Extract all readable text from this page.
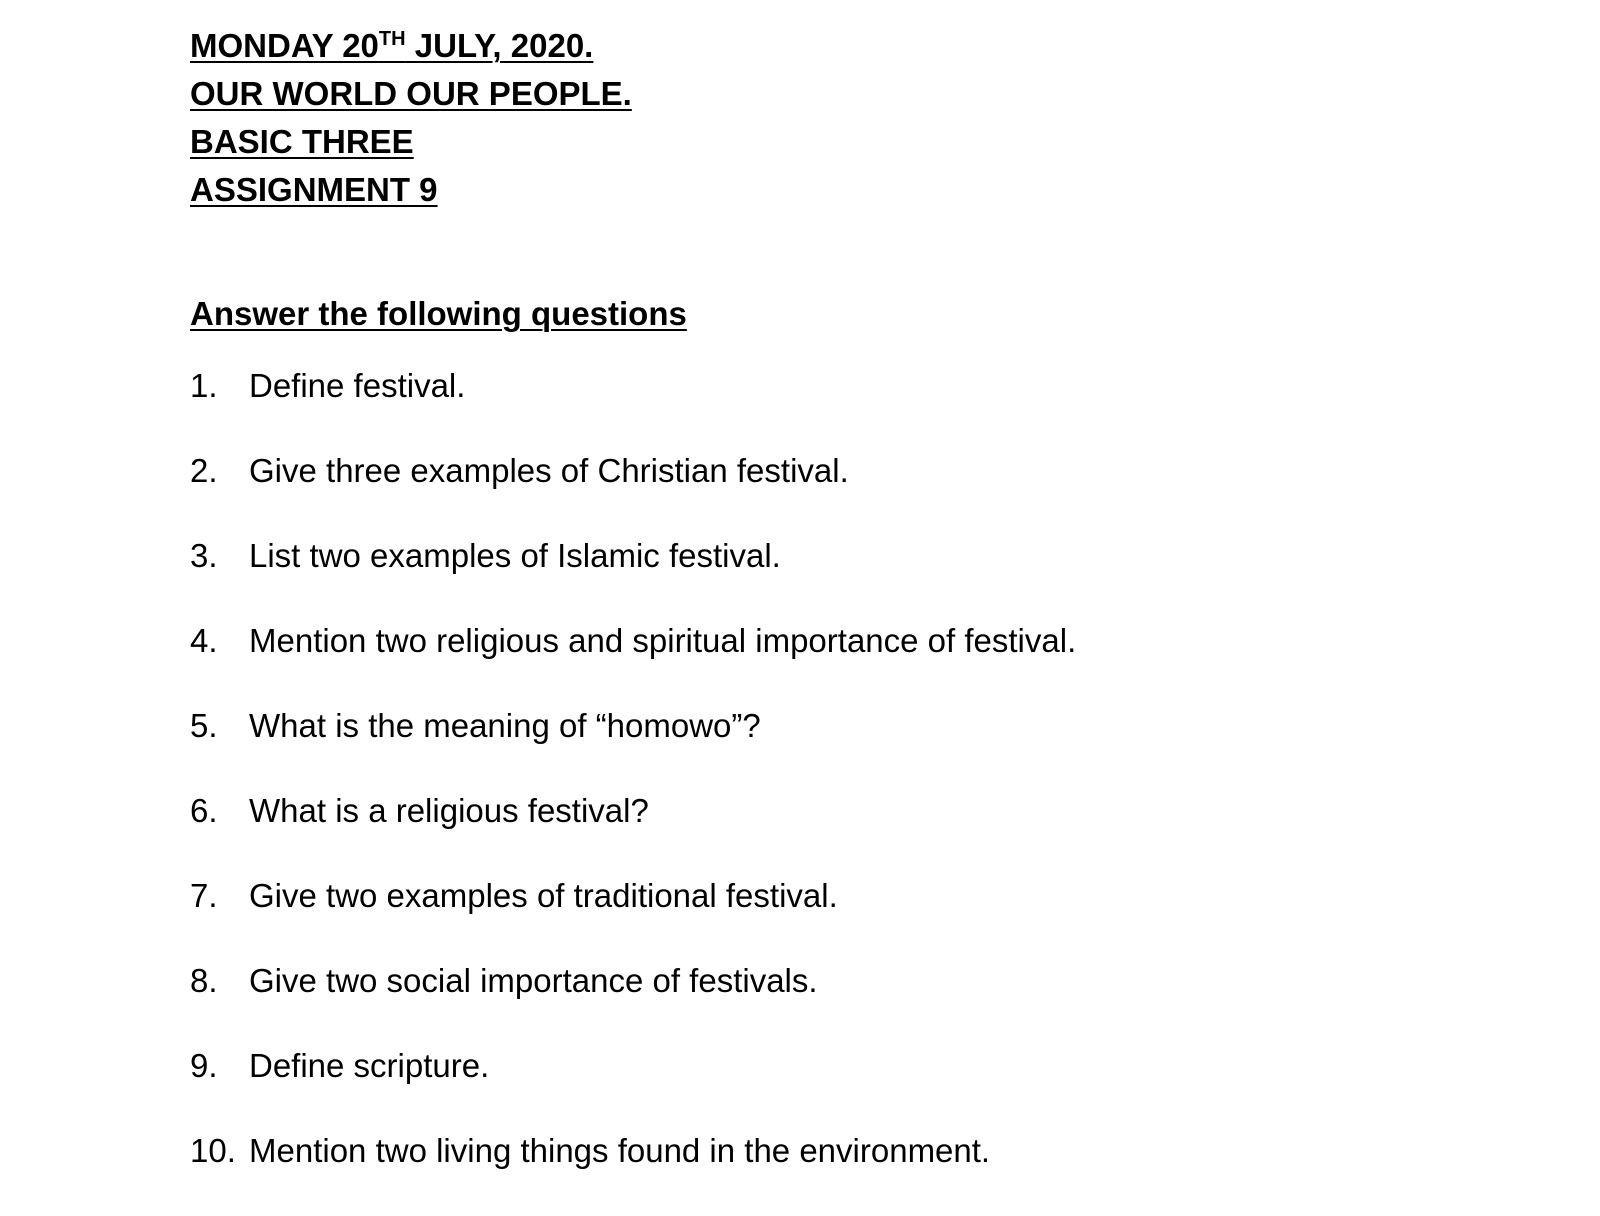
MONDAY 20TH JULY, 2020.
OUR WORLD OUR PEOPLE.
BASIC THREE
ASSIGNMENT 9
Answer the following questions
1. Define festival.
2. Give three examples of Christian festival.
3. List two examples of Islamic festival.
4. Mention two religious and spiritual importance of festival.
5. What is the meaning of “homowo”?
6. What is a religious festival?
7. Give two examples of traditional festival.
8. Give two social importance of festivals.
9. Define scripture.
10. Mention two living things found in the environment.
